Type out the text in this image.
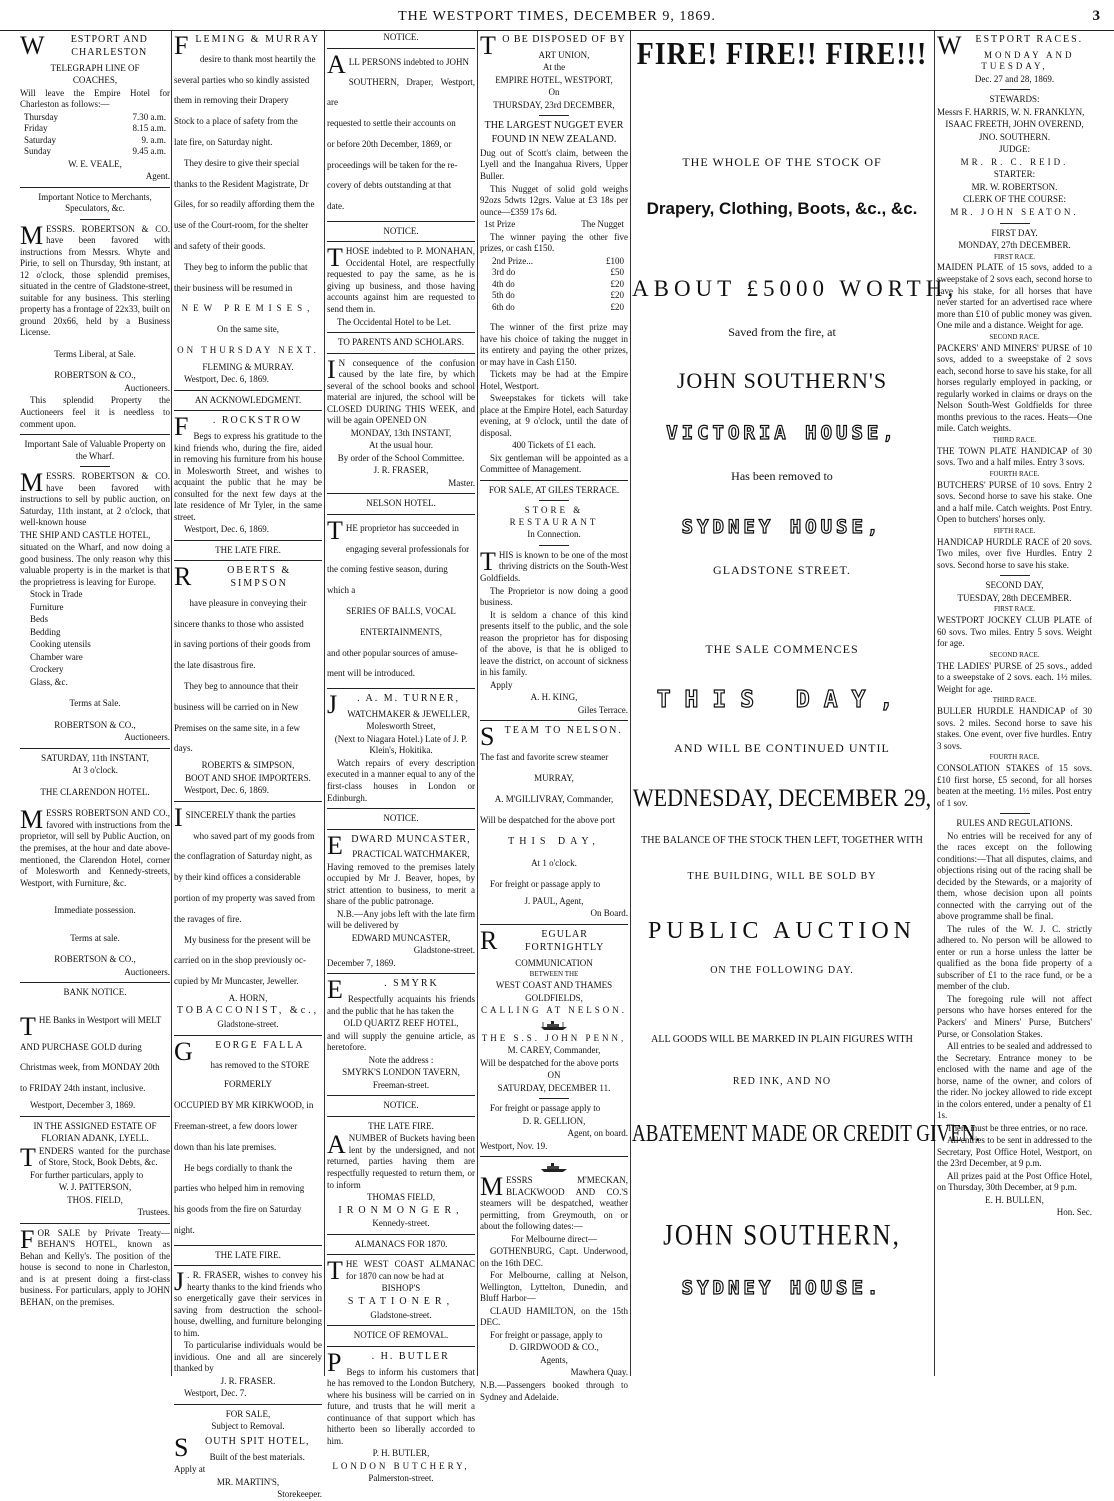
THE WESTPORT TIMES, DECEMBER 9, 1869.	3

W	ESTPORT AND CHARLESTON

TELEGRAPH LINE OF

COACHES,

Will leave the Empire Hotel for Charleston as follows:—

Thursday	7.30 a.m.
Friday	8.15 a.m.
Saturday	9. a.m.
Sunday	9.45 a.m.

W. E. VEALE,

Agent.

Important Notice to Merchants, Speculators, &c.

MESSRS. ROBERTSON & CO. have been favored with instructions from Messrs. Whyte and Pirie, to sell on Thursday, 9th instant, at 12 o'clock, those splendid premises, situated in the centre of Gladstone-street, suitable for any business. This sterling property has a frontage of 22x33, built on ground 20x66, held by a Business License.

Terms Liberal, at Sale.

ROBERTSON & CO.,

Auctioneers.

This splendid Property the Auctioneers feel it is needless to comment upon.

Important Sale of Valuable Property on the Wharf.

MESSRS. ROBERTSON & CO. have been favored with instructions to sell by public auction, on Saturday, 11th instant, at 2 o'clock, that well-known house

THE SHIP AND CASTLE HOTEL,

situated on the Wharf, and now doing a good business. The only reason why this valuable property is in the market is that the proprietress is leaving for Europe.

Stock in Trade

Furniture

Beds

Bedding

Cooking utensils

Chamber ware

Crockery

Glass, &c.

Terms at Sale.

ROBERTSON & CO.,

Auctioneers.

SATURDAY, 11th INSTANT,

At 3 o'clock.

THE CLARENDON HOTEL.

MESSRS ROBERTSON AND CO., favored with instructions from the proprietor, will sell by Public Auction, on the premises, at the hour and date above-mentioned, the Clarendon Hotel, corner of Molesworth and Kennedy-streets, Westport, with Furniture, &c.

Immediate possession.

Terms at sale.

ROBERTSON & CO.,

Auctioneers.

BANK NOTICE.

THE Banks in Westport will MELT

AND PURCHASE GOLD during

Christmas week, from MONDAY 20th

to FRIDAY 24th instant, inclusive.

Westport, December 3, 1869.

IN THE ASSIGNED ESTATE OF

FLORIAN ADANK, LYELL.

TENDERS wanted for the purchase of Store, Stock, Book Debts, &c.

For further particulars, apply to

W. J. PATTERSON,

THOS. FIELD,

Trustees.

FOR SALE by Private Treaty—BEHAN'S HOTEL, known as Behan and Kelly's. The position of the house is second to none in Charleston, and is at present doing a first-class business. For particulars, apply to JOHN BEHAN, on the premises.

FLEMING & MURRAY

desire to thank most heartily the

several parties who so kindly assisted

them in removing their Drapery

Stock to a place of safety from the

late fire, on Saturday night.

They desire to give their special

thanks to the Resident Magistrate, Dr

Giles, for so readily affording them the

use of the Court-room, for the shelter

and safety of their goods.

They beg to inform the public that

their business will be resumed in

NEW PREMISES,

On the same site,

ON THURSDAY NEXT.

FLEMING & MURRAY.

Westport, Dec. 6, 1869.

AN ACKNOWLEDGMENT.

F . ROCKSTROW

Begs to express his gratitude to the kind friends who, during the fire, aided in removing his furniture from his house in Molesworth Street, and wishes to acquaint the public that he may be consulted for the next few days at the late residence of Mr Tyler, in the same street.

Westport, Dec. 6, 1869.

THE LATE FIRE.

R	OBERTS & SIMPSON

have pleasure in conveying their

sincere thanks to those who assisted

in saving portions of their goods from

the late disastrous fire.

They beg to announce that their

business will be carried on in New

Premises on the same site, in a few

days.

ROBERTS & SIMPSON,

BOOT AND SHOE IMPORTERS.

Westport, Dec. 6, 1869.

ISINCERELY thank the parties

who saved part of my goods from

the conflagration of Saturday night, as

by their kind offices a considerable

portion of my property was saved from

the ravages of fire.

My business for the present will be

carried on in the shop previously oc-

cupied by Mr Muncaster, Jeweller.

A. HORN,

TOBACCONIST, &c.,

Gladstone-street.

G EORGE FALLA

has removed to the STORE FORMERLY

OCCUPIED BY MR KIRKWOOD, in

Freeman-street, a few doors lower

down than his late premises.

He begs cordially to thank the

parties who helped him in removing

his goods from the fire on Saturday

night.

THE LATE FIRE.

J . R. FRASER, wishes to convey his hearty thanks to the kind friends who so energetically gave their services in saving from destruction the school-house, dwelling, and furniture belonging to him.

To particularise individuals would be invidious. One and all are sincerely thanked by

J. R. FRASER.

Westport, Dec. 7.

FOR SALE,

Subject to Removal.

S OUTH SPIT HOTEL,

Built of the best materials.

Apply at

MR. MARTIN'S,

Storekeeper.

NOTICE.

ALL PERSONS indebted to JOHN

SOUTHERN, Draper, Westport, are

requested to settle their accounts on

or before 20th December, 1869, or

proceedings will be taken for the re-

covery of debts outstanding at that

date.

NOTICE.

THOSE indebted to P. MONAHAN, Occidental Hotel, are respectfully requested to pay the same, as he is giving up business, and those having accounts against him are requested to send them in.

The Occidental Hotel to be Let.

TO PARENTS AND SCHOLARS.

I N consequence of the confusion caused by the late fire, by which several of the school books and school material are injured, the school will be CLOSED DURING THIS WEEK, and will be again OPENED ON

MONDAY, 13th INSTANT,

At the usual hour.

By order of the School Committee.

J. R. FRASER,

Master.

NELSON HOTEL.

THE proprietor has succeeded in

engaging several professionals for

the coming festive season, during

which a

SERIES OF BALLS, VOCAL

ENTERTAINMENTS,

and other popular sources of amuse-

ment will be introduced.

J . A. M. TURNER,

WATCHMAKER & JEWELLER,

Molesworth Street,

(Next to Niagara Hotel.) Late of J. P. Klein's, Hokitika.

Watch repairs of every description executed in a manner equal to any of the first-class houses in London or Edinburgh.

NOTICE.

EDWARD MUNCASTER,

PRACTICAL WATCHMAKER,

Having removed to the premises lately occupied by Mr J. Beaver, hopes, by strict attention to business, to merit a share of the public patronage.

N.B.—Any jobs left with the late firm will be delivered by

EDWARD MUNCASTER,

Gladstone-street.

December 7, 1869.

E	. SMYRK

Respectfully acquaints his friends and the public that he has taken the

OLD QUARTZ REEF HOTEL,

and will supply the genuine article, as heretofore.

Note the address :

SMYRK'S LONDON TAVERN,

Freeman-street.

NOTICE.

THE LATE FIRE.

ANUMBER of Buckets having been lent by the undersigned, and not returned, parties having them are respectfully requested to return them, or to inform

THOMAS FIELD,

IRONMONGER,

Kennedy-street.

ALMANACS FOR 1870.

THE WEST COAST ALMANAC for 1870 can now be had at

BISHOP'S

STATIONER,

Gladstone-street.

NOTICE OF REMOVAL.

P	. H. BUTLER

Begs to inform his customers that he has removed to the London Butchery, where his business will be carried on in future, and trusts that he will merit a continuance of that support which has hitherto been so liberally accorded to him.

P. H. BUTLER,

LONDON BUTCHERY,

Palmerston-street.

T O BE DISPOSED OF BY

ART UNION,

At the

EMPIRE HOTEL, WESTPORT,

On

THURSDAY, 23rd DECEMBER,

THE LARGEST NUGGET EVER

FOUND IN NEW ZEALAND.

Dug out of Scott's claim, between the Lyell and the Inangahua Rivers, Upper Buller.

This Nugget of solid gold weighs 92ozs 5dwts 12grs. Value at £3 18s per ounce—£359 17s 6d.

1st Prize	The Nugget

The winner paying the other five prizes, or cash £150.

2nd Prize...	£100
3rd do	£50
4th do	£20
5th do	£20
6th do	£20

The winner of the first prize may have his choice of taking the nugget in its entirety and paying the other prizes, or may have in Cash £150.

Tickets may be had at the Empire Hotel, Westport.

Sweepstakes for tickets will take place at the Empire Hotel, each Saturday evening, at 9 o'clock, until the date of disposal.

400 Tickets of £1 each.

Six gentleman will be appointed as a Committee of Management.

FOR SALE, AT GILES TERRACE.

STORE & RESTAURANT

In Connection.

THIS is known to be one of the most thriving districts on the South-West Goldfields.

The Proprietor is now doing a good business.

It is seldom a chance of this kind presents itself to the public, and the sole reason the proprietor has for disposing of the above, is that he is obliged to leave the district, on account of sickness in his family.

Apply

A. H. KING,

Giles Terrace.

STEAM TO NELSON.

The fast and favorite screw steamer

MURRAY,

A. M'GILLIVRAY, Commander,

Will be despatched for the above port

THIS DAY,

At 1 o'clock.

For freight or passage apply to

J. PAUL, Agent,

On Board.

R	EGULAR FORTNIGHTLY

COMMUNICATION

BETWEEN THE

WEST COAST AND THAMES

GOLDFIELDS,

CALLING AT NELSON.

THE S.S. JOHN PENN,

M. CAREY, Commander,

Will be despatched for the above ports

ON

SATURDAY, DECEMBER 11.

For freight or passage apply to

D. R. GELLION,

Agent, on board.

Westport, Nov. 19.

MESSRS M'MECKAN, BLACKWOOD AND CO.'S steamers will be despatched, weather permitting, from Greymouth, on or about the following dates:—

For Melbourne direct—

GOTHENBURG, Capt. Underwood, on the 16th DEC.

For Melbourne, calling at Nelson, Wellington, Lyttelton, Dunedin, and Bluff Harbor—

CLAUD HAMILTON, on the 15th DEC.

For freight or passage, apply to

D. GIRDWOOD & CO.,

Agents,

Mawhera Quay.

N.B.—Passengers booked through to Sydney and Adelaide.

FIRE! FIRE!! FIRE!!!
THE WHOLE OF THE STOCK OF
Drapery, Clothing, Boots, &c., &c.
ABOUT £5000 WORTH,
Saved from the fire, at
JOHN SOUTHERN'S
VICTORIA HOUSE,
Has been removed to
SYDNEY HOUSE,
GLADSTONE STREET.
THE SALE COMMENCES
THIS DAY,
AND WILL BE CONTINUED UNTIL
WEDNESDAY, DECEMBER 29,
THE BALANCE OF THE STOCK THEN LEFT, TOGETHER WITH
THE BUILDING, WILL BE SOLD BY
PUBLIC AUCTION
ON THE FOLLOWING DAY.
ALL GOODS WILL BE MARKED IN PLAIN FIGURES WITH
RED INK, AND NO
ABATEMENT MADE OR CREDIT GIVEN.
JOHN SOUTHERN,
SYDNEY HOUSE.

W ESTPORT RACES.

MONDAY AND TUESDAY,

Dec. 27 and 28, 1869.

STEWARDS:

Messrs F. HARRIS, W. N. FRANKLYN,

ISAAC FREETH, JOHN OVEREND,

JNO. SOUTHERN.

JUDGE:

MR. R. C. REID.

STARTER:

MR. W. ROBERTSON.

CLERK OF THE COURSE:

MR. JOHN SEATON.

FIRST DAY.

MONDAY, 27th DECEMBER.

FIRST RACE.

MAIDEN PLATE of 15 sovs, added to a sweepstake of 2 sovs each, second horse to save his stake, for all horses that have never started for an advertised race where more than £10 of public money was given. One mile and a distance. Weight for age.

SECOND RACE.

PACKERS' AND MINERS' PURSE of 10 sovs, added to a sweepstake of 2 sovs each, second horse to save his stake, for all horses regularly employed in packing, or regularly worked in claims or drays on the Nelson South-West Goldfields for three months previous to the races. Heats—One mile. Catch weights.

THIRD RACE.

THE TOWN PLATE HANDICAP of 30 sovs. Two and a half miles. Entry 3 sovs.

FOURTH RACE.

BUTCHERS' PURSE of 10 sovs. Entry 2 sovs. Second horse to save his stake. One and a half mile. Catch weights. Post Entry. Open to butchers' horses only.

FIFTH RACE.

HANDICAP HURDLE RACE of 20 sovs. Two miles, over five Hurdles. Entry 2 sovs. Second horse to save his stake.

SECOND DAY,

TUESDAY, 28th DECEMBER.

FIRST RACE.

WESTPORT JOCKEY CLUB PLATE of 60 sovs. Two miles. Entry 5 sovs. Weight for age.

SECOND RACE.

THE LADIES' PURSE of 25 sovs., added to a sweepstake of 2 sovs. each. 1½ miles. Weight for age.

THIRD RACE.

BULLER HURDLE HANDICAP of 30 sovs. 2 miles. Second horse to save his stakes. One event, over five hurdles. Entry 3 sovs.

FOURTH RACE.

CONSOLATION STAKES of 15 sovs. £10 first horse, £5 second, for all horses beaten at the meeting. 1½ miles. Post entry of 1 sov.

RULES AND REGULATIONS.

No entries will be received for any of the races except on the following conditions:—That all disputes, claims, and objections rising out of the racing shall be decided by the Stewards, or a majority of them, whose decision upon all points connected with the carrying out of the above programme shall be final.

The rules of the W. J. C. strictly adhered to. No person will be allowed to enter or run a horse unless the latter be qualified as the bona fide property of a subscriber of £1 to the race fund, or be a member of the club.

The foregoing rule will not affect persons who have horses entered for the Packers' and Miners' Purse, Butchers' Purse, or Consolation Stakes.

All entries to be sealed and addressed to the Secretary. Entrance money to be enclosed with the name and age of the horse, name of the owner, and colors of the rider. No jockey allowed to ride except in the colors entered, under a penalty of £1 1s.

There must be three entries, or no race.

All entries to be sent in addressed to the Secretary, Post Office Hotel, Westport, on the 23rd December, at 9 p.m.

All prizes paid at the Post Office Hotel, on Thursday, 30th December, at 9 p.m.

E. H. BULLEN,

Hon. Sec.
